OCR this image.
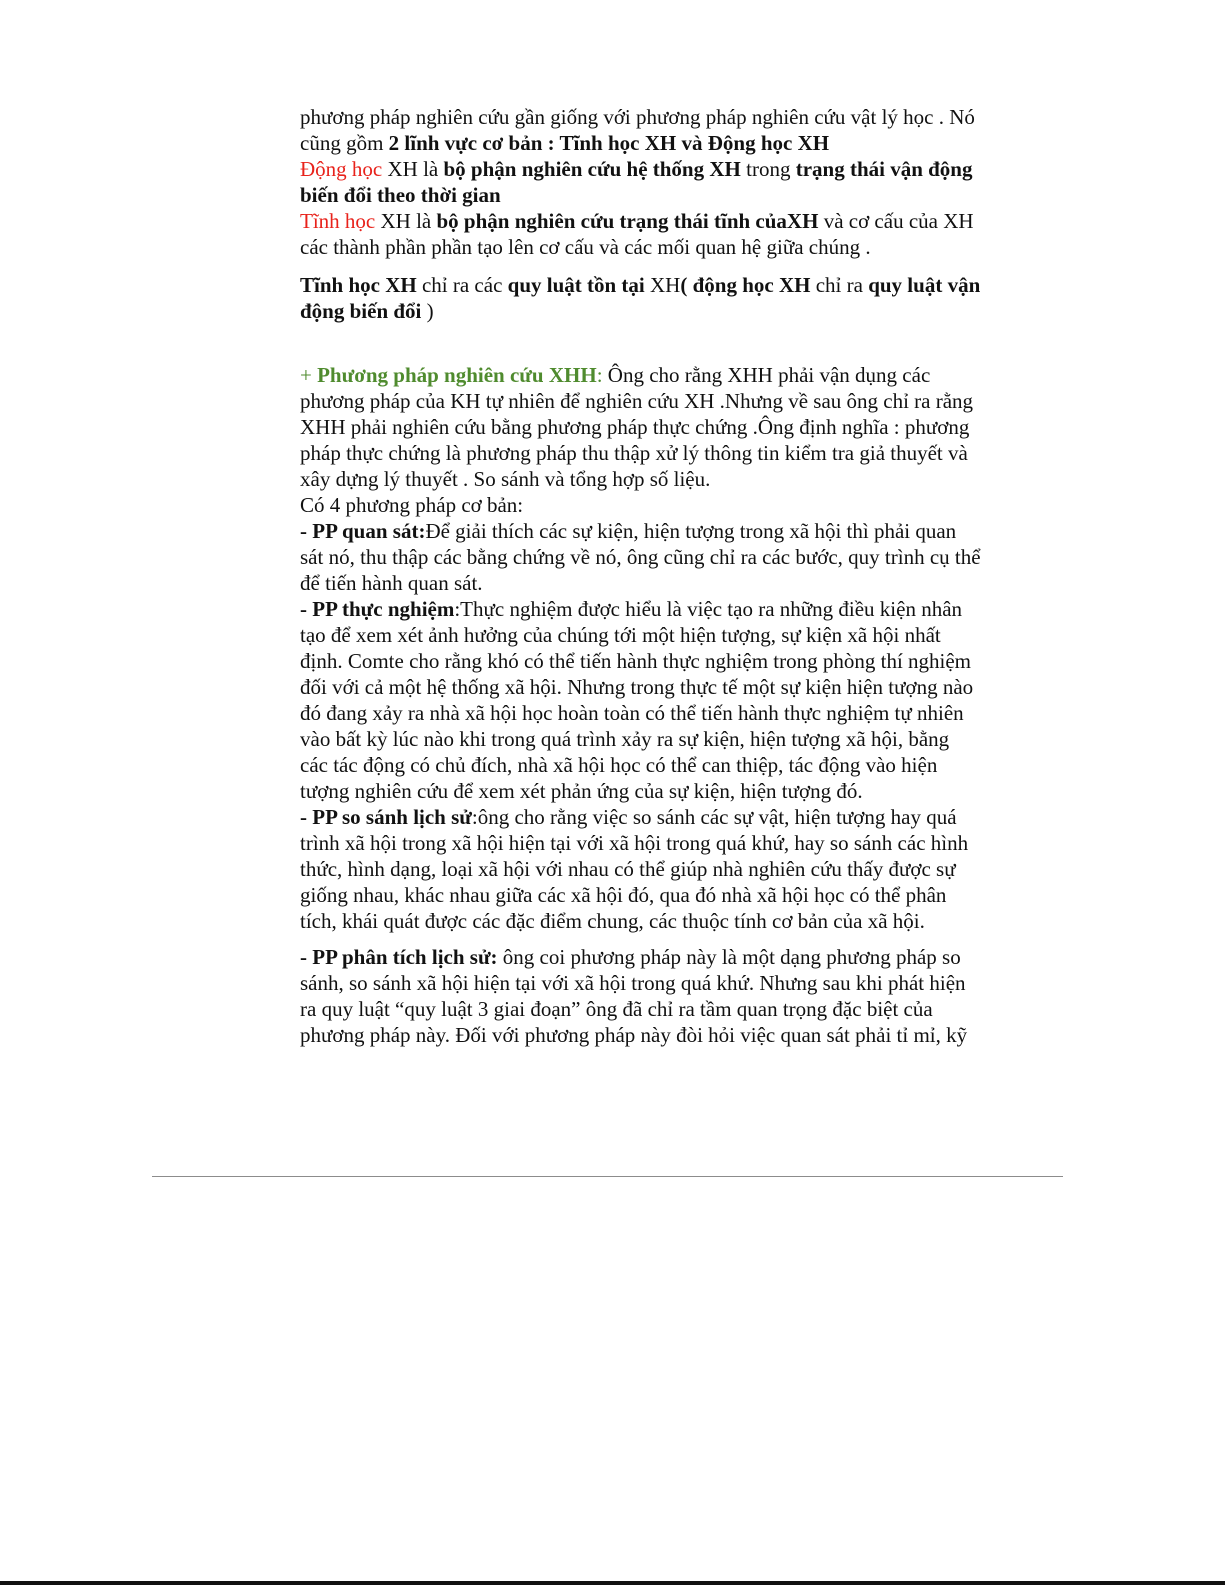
phương pháp nghiên cứu gần giống với phương pháp nghiên cứu vật lý học . Nó cũng gồm 2 lĩnh vực cơ bản : Tĩnh học XH và Động học XH

Động học XH là bộ phận nghiên cứu hệ thống XH trong trạng thái vận động biến đổi theo thời gian

Tĩnh học XH là bộ phận nghiên cứu trạng thái tĩnh củaXH và cơ cấu của XH các thành phần phần tạo lên cơ cấu và các mối quan hệ giữa chúng .

Tĩnh học XH chỉ ra các quy luật tồn tại XH( động học XH chỉ ra quy luật vận động biến đổi )

+ Phương pháp nghiên cứu XHH: Ông cho rằng XHH phải vận dụng các phương pháp của KH tự nhiên để nghiên cứu XH .Nhưng về sau ông chỉ ra rằng XHH phải nghiên cứu bằng phương pháp thực chứng .Ông định nghĩa : phương pháp thực chứng là phương pháp thu thập xử lý thông tin kiểm tra giả thuyết và xây dựng lý thuyết . So sánh và tổng hợp số liệu.

Có 4 phương pháp cơ bản:

- PP quan sát:Để giải thích các sự kiện, hiện tượng trong xã hội thì phải quan sát nó, thu thập các bằng chứng về nó, ông cũng chỉ ra các bước, quy trình cụ thể để tiến hành quan sát.

- PP thực nghiệm:Thực nghiệm được hiểu là việc tạo ra những điều kiện nhân tạo để xem xét ảnh hưởng của chúng tới một hiện tượng, sự kiện xã hội nhất định. Comte cho rằng khó có thể tiến hành thực nghiệm trong phòng thí nghiệm đối với cả một hệ thống xã hội. Nhưng trong thực tế một sự kiện hiện tượng nào đó đang xảy ra nhà xã hội học hoàn toàn có thể tiến hành thực nghiệm tự nhiên vào bất kỳ lúc nào khi trong quá trình xảy ra sự kiện, hiện tượng xã hội, bằng các tác động có chủ đích, nhà xã hội học có thể can thiệp, tác động vào hiện tượng nghiên cứu để xem xét phản ứng của sự kiện, hiện tượng đó.

- PP so sánh lịch sử:ông cho rằng việc so sánh các sự vật, hiện tượng hay quá trình xã hội trong xã hội hiện tại với xã hội trong quá khứ, hay so sánh các hình thức, hình dạng, loại xã hội với nhau có thể giúp nhà nghiên cứu thấy được sự giống nhau, khác nhau giữa các xã hội đó, qua đó nhà xã hội học có thể phân tích, khái quát được các đặc điểm chung, các thuộc tính cơ bản của xã hội.

- PP phân tích lịch sử: ông coi phương pháp này là một dạng phương pháp so sánh, so sánh xã hội hiện tại với xã hội trong quá khứ. Nhưng sau khi phát hiện ra quy luật “quy luật 3 giai đoạn” ông đã chỉ ra tầm quan trọng đặc biệt của phương pháp này. Đối với phương pháp này đòi hỏi việc quan sát phải tỉ mỉ, kỹ
